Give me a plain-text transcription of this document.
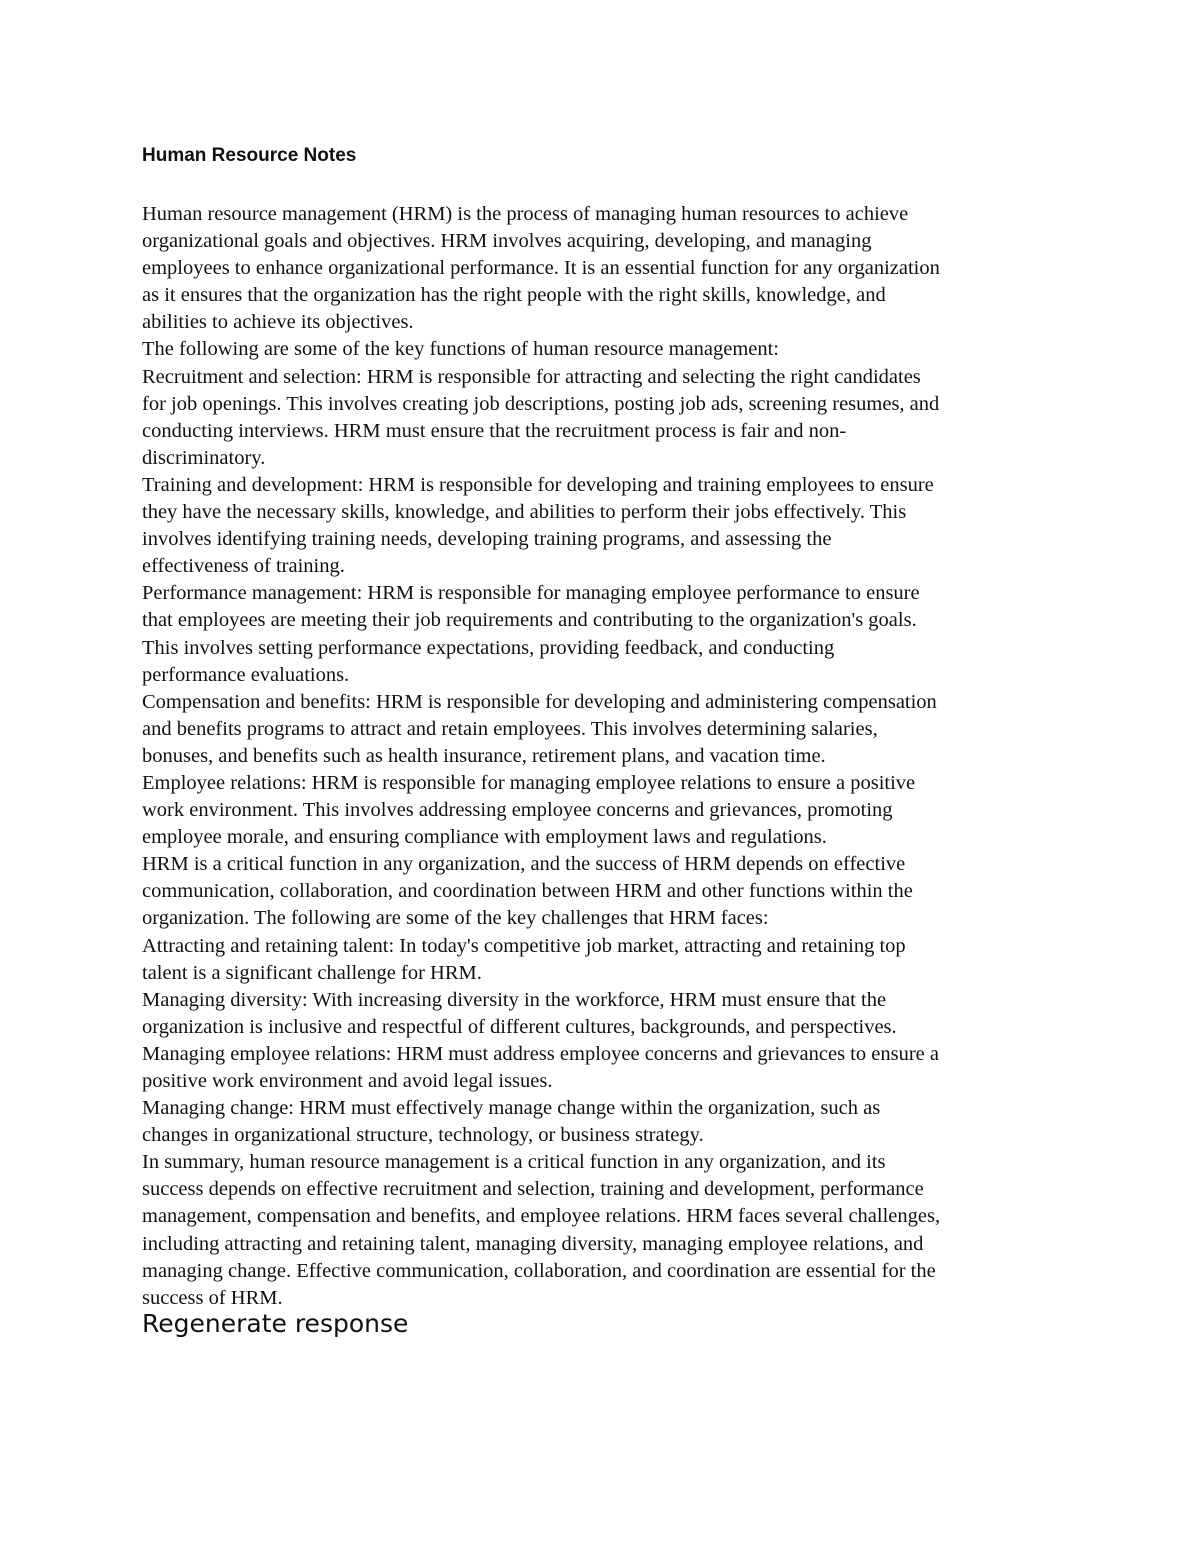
Human Resource Notes
Human resource management (HRM) is the process of managing human resources to achieve
organizational goals and objectives. HRM involves acquiring, developing, and managing
employees to enhance organizational performance. It is an essential function for any organization
as it ensures that the organization has the right people with the right skills, knowledge, and
abilities to achieve its objectives.
The following are some of the key functions of human resource management:
Recruitment and selection: HRM is responsible for attracting and selecting the right candidates
for job openings. This involves creating job descriptions, posting job ads, screening resumes, and
conducting interviews. HRM must ensure that the recruitment process is fair and non-
discriminatory.
Training and development: HRM is responsible for developing and training employees to ensure
they have the necessary skills, knowledge, and abilities to perform their jobs effectively. This
involves identifying training needs, developing training programs, and assessing the
effectiveness of training.
Performance management: HRM is responsible for managing employee performance to ensure
that employees are meeting their job requirements and contributing to the organization's goals.
This involves setting performance expectations, providing feedback, and conducting
performance evaluations.
Compensation and benefits: HRM is responsible for developing and administering compensation
and benefits programs to attract and retain employees. This involves determining salaries,
bonuses, and benefits such as health insurance, retirement plans, and vacation time.
Employee relations: HRM is responsible for managing employee relations to ensure a positive
work environment. This involves addressing employee concerns and grievances, promoting
employee morale, and ensuring compliance with employment laws and regulations.
HRM is a critical function in any organization, and the success of HRM depends on effective
communication, collaboration, and coordination between HRM and other functions within the
organization. The following are some of the key challenges that HRM faces:
Attracting and retaining talent: In today's competitive job market, attracting and retaining top
talent is a significant challenge for HRM.
Managing diversity: With increasing diversity in the workforce, HRM must ensure that the
organization is inclusive and respectful of different cultures, backgrounds, and perspectives.
Managing employee relations: HRM must address employee concerns and grievances to ensure a
positive work environment and avoid legal issues.
Managing change: HRM must effectively manage change within the organization, such as
changes in organizational structure, technology, or business strategy.
In summary, human resource management is a critical function in any organization, and its
success depends on effective recruitment and selection, training and development, performance
management, compensation and benefits, and employee relations. HRM faces several challenges,
including attracting and retaining talent, managing diversity, managing employee relations, and
managing change. Effective communication, collaboration, and coordination are essential for the
success of HRM.
Regenerate response
